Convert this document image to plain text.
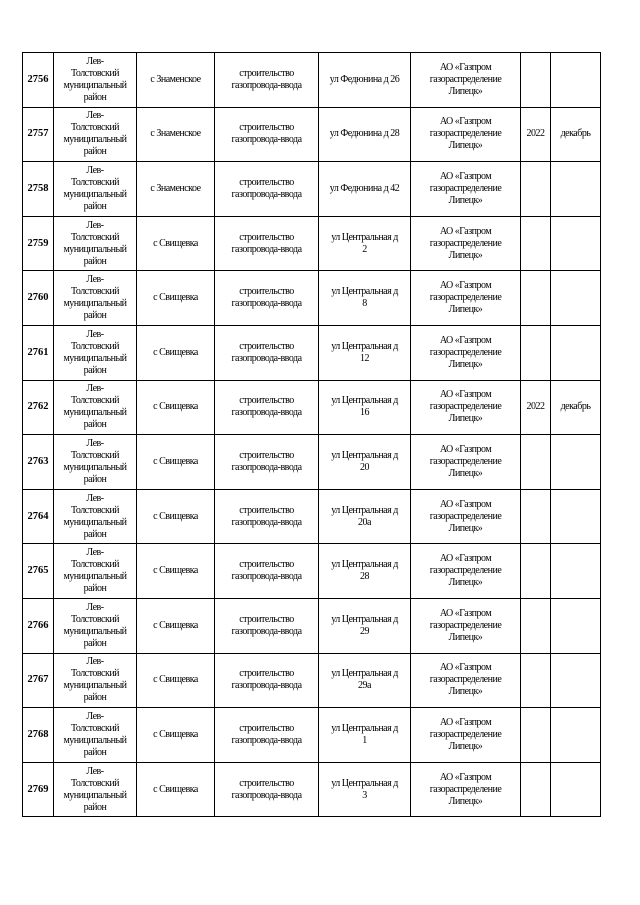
2756	Лев-
Толстовский
муниципальный
район	с Знаменское	строительство
газопровода-ввода	ул Федюнина д 26	АО «Газпром
газораспределение
Липецк»		
2757	Лев-
Толстовский
муниципальный
район	с Знаменское	строительство
газопровода-ввода	ул Федюнина д 28	АО «Газпром
газораспределение
Липецк»	2022	декабрь
2758	Лев-
Толстовский
муниципальный
район	с Знаменское	строительство
газопровода-ввода	ул Федюнина д 42	АО «Газпром
газораспределение
Липецк»		
2759	Лев-
Толстовский
муниципальный
район	с Свищевка	строительство
газопровода-ввода	ул Центральная д
2	АО «Газпром
газораспределение
Липецк»		
2760	Лев-
Толстовский
муниципальный
район	с Свищевка	строительство
газопровода-ввода	ул Центральная д
8	АО «Газпром
газораспределение
Липецк»		
2761	Лев-
Толстовский
муниципальный
район	с Свищевка	строительство
газопровода-ввода	ул Центральная д
12	АО «Газпром
газораспределение
Липецк»		
2762	Лев-
Толстовский
муниципальный
район	с Свищевка	строительство
газопровода-ввода	ул Центральная д
16	АО «Газпром
газораспределение
Липецк»	2022	декабрь
2763	Лев-
Толстовский
муниципальный
район	с Свищевка	строительство
газопровода-ввода	ул Центральная д
20	АО «Газпром
газораспределение
Липецк»		
2764	Лев-
Толстовский
муниципальный
район	с Свищевка	строительство
газопровода-ввода	ул Центральная д
20а	АО «Газпром
газораспределение
Липецк»		
2765	Лев-
Толстовский
муниципальный
район	с Свищевка	строительство
газопровода-ввода	ул Центральная д
28	АО «Газпром
газораспределение
Липецк»		
2766	Лев-
Толстовский
муниципальный
район	с Свищевка	строительство
газопровода-ввода	ул Центральная д
29	АО «Газпром
газораспределение
Липецк»		
2767	Лев-
Толстовский
муниципальный
район	с Свищевка	строительство
газопровода-ввода	ул Центральная д
29а	АО «Газпром
газораспределение
Липецк»		
2768	Лев-
Толстовский
муниципальный
район	с Свищевка	строительство
газопровода-ввода	ул Центральная д
1	АО «Газпром
газораспределение
Липецк»		
2769	Лев-
Толстовский
муниципальный
район	с Свищевка	строительство
газопровода-ввода	ул Центральная д
3	АО «Газпром
газораспределение
Липецк»		
